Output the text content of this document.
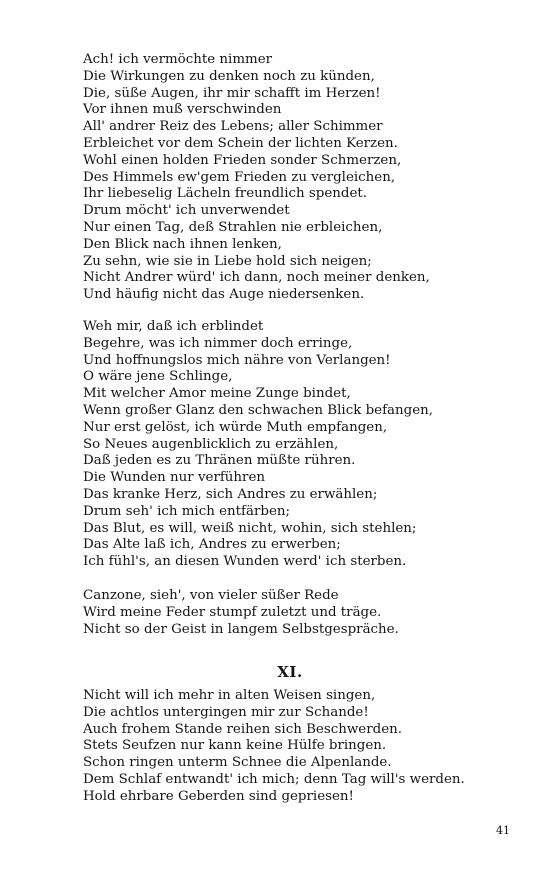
Ach! ich vermöchte nimmer
Die Wirkungen zu denken noch zu künden,
Die, süße Augen, ihr mir schafft im Herzen!
Vor ihnen muß verschwinden
All' andrer Reiz des Lebens; aller Schimmer
Erbleichet vor dem Schein der lichten Kerzen.
Wohl einen holden Frieden sonder Schmerzen,
Des Himmels ew'gem Frieden zu vergleichen,
Ihr liebeselig Lächeln freundlich spendet.
Drum möcht' ich unverwendet
Nur einen Tag, deß Strahlen nie erbleichen,
Den Blick nach ihnen lenken,
Zu sehn, wie sie in Liebe hold sich neigen;
Nicht Andrer würd' ich dann, noch meiner denken,
Und häufig nicht das Auge niedersenken.
Weh mir, daß ich erblindet
Begehre, was ich nimmer doch erringe,
Und hoffnungslos mich nähre von Verlangen!
O wäre jene Schlinge,
Mit welcher Amor meine Zunge bindet,
Wenn großer Glanz den schwachen Blick befangen,
Nur erst gelöst, ich würde Muth empfangen,
So Neues augenblicklich zu erzählen,
Daß jeden es zu Thränen müßte rühren.
Die Wunden nur verführen
Das kranke Herz, sich Andres zu erwählen;
Drum seh' ich mich entfärben;
Das Blut, es will, weiß nicht, wohin, sich stehlen;
Das Alte laß ich, Andres zu erwerben;
Ich fühl's, an diesen Wunden werd' ich sterben.
Canzone, sieh', von vieler süßer Rede
Wird meine Feder stumpf zuletzt und träge.
Nicht so der Geist in langem Selbstgespräche.
XI.
Nicht will ich mehr in alten Weisen singen,
Die achtlos untergingen mir zur Schande!
Auch frohem Stande reihen sich Beschwerden.
Stets Seufzen nur kann keine Hülfe bringen.
Schon ringen unterm Schnee die Alpenlande.
Dem Schlaf entwandt' ich mich; denn Tag will's werden.
Hold ehrbare Geberden sind gepriesen!
41
